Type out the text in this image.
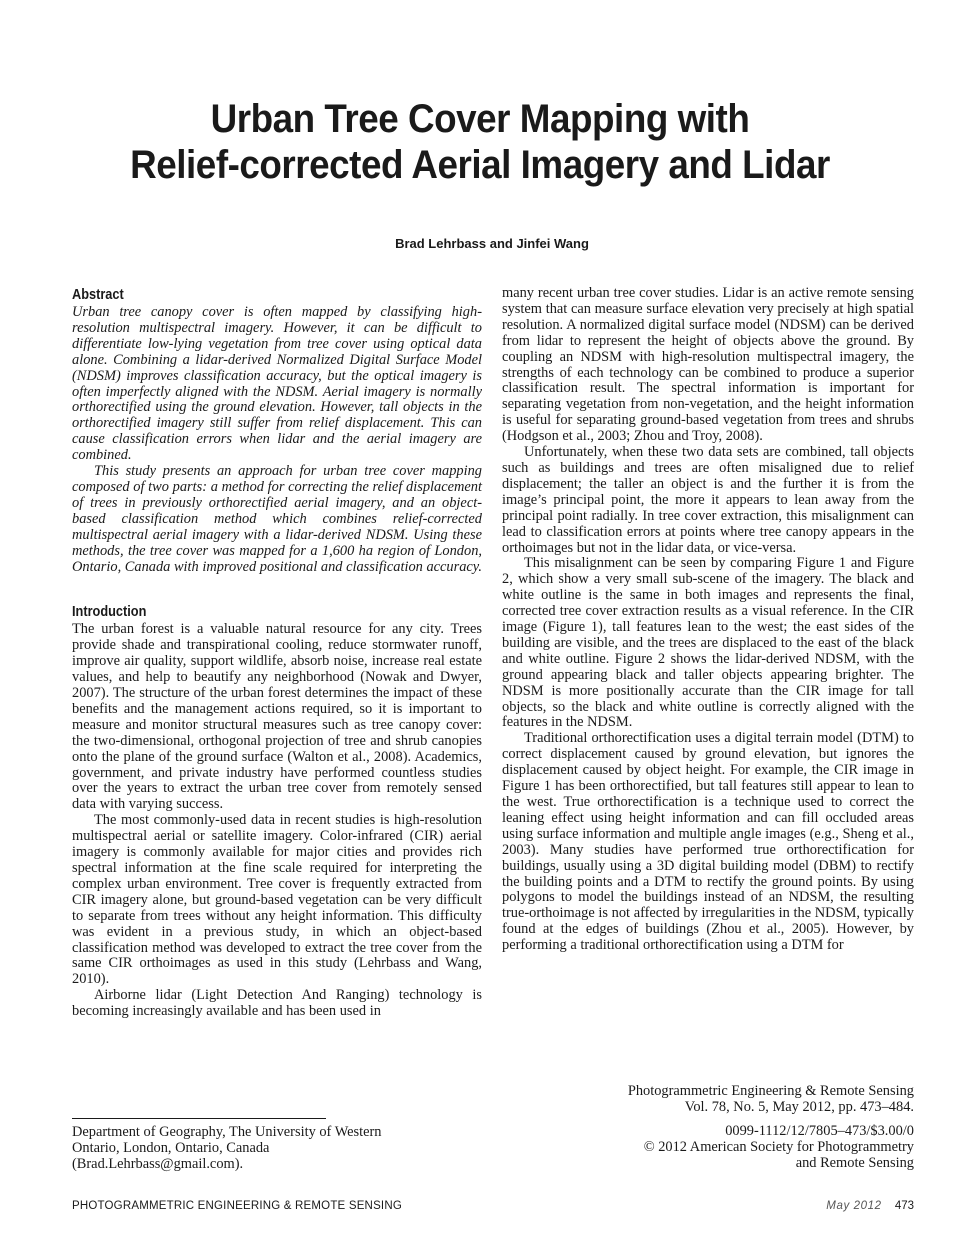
Urban Tree Cover Mapping with
Relief-corrected Aerial Imagery and Lidar
Brad Lehrbass and Jinfei Wang
Abstract

Urban tree canopy cover is often mapped by classifying high-resolution multispectral imagery. However, it can be difficult to differentiate low-lying vegetation from tree cover using optical data alone. Combining a lidar-derived Normalized Digital Surface Model (NDSM) improves classification accuracy, but the optical imagery is often imperfectly aligned with the NDSM. Aerial imagery is normally orthorectified using the ground elevation. However, tall objects in the orthorectified imagery still suffer from relief displacement. This can cause classification errors when lidar and the aerial imagery are combined.

This study presents an approach for urban tree cover mapping composed of two parts: a method for correcting the relief displacement of trees in previously orthorectified aerial imagery, and an object-based classification method which combines relief-corrected multispectral aerial imagery with a lidar-derived NDSM. Using these methods, the tree cover was mapped for a 1,600 ha region of London, Ontario, Canada with improved positional and classification accuracy.

Introduction

The urban forest is a valuable natural resource for any city. Trees provide shade and transpirational cooling, reduce stormwater runoff, improve air quality, support wildlife, absorb noise, increase real estate values, and help to beautify any neighborhood (Nowak and Dwyer, 2007). The structure of the urban forest determines the impact of these benefits and the management actions required, so it is important to measure and monitor structural measures such as tree canopy cover: the two-dimensional, orthogonal projection of tree and shrub canopies onto the plane of the ground surface (Walton et al., 2008). Academics, government, and private industry have performed countless studies over the years to extract the urban tree cover from remotely sensed data with varying success.

The most commonly-used data in recent studies is high-resolution multispectral aerial or satellite imagery. Color-infrared (CIR) aerial imagery is commonly available for major cities and provides rich spectral information at the fine scale required for interpreting the complex urban environment. Tree cover is frequently extracted from CIR imagery alone, but ground-based vegetation can be very difficult to separate from trees without any height information. This difficulty was evident in a previous study, in which an object-based classification method was developed to extract the tree cover from the same CIR orthoimages as used in this study (Lehrbass and Wang, 2010).

Airborne lidar (Light Detection And Ranging) technology is becoming increasingly available and has been used in

many recent urban tree cover studies. Lidar is an active remote sensing system that can measure surface elevation very precisely at high spatial resolution. A normalized digital surface model (NDSM) can be derived from lidar to represent the height of objects above the ground. By coupling an NDSM with high-resolution multispectral imagery, the strengths of each technology can be combined to produce a superior classification result. The spectral information is important for separating vegetation from non-vegetation, and the height information is useful for separating ground-based vegetation from trees and shrubs (Hodgson et al., 2003; Zhou and Troy, 2008).

Unfortunately, when these two data sets are combined, tall objects such as buildings and trees are often misaligned due to relief displacement; the taller an object is and the further it is from the image’s principal point, the more it appears to lean away from the principal point radially. In tree cover extraction, this misalignment can lead to classification errors at points where tree canopy appears in the orthoimages but not in the lidar data, or vice-versa.

This misalignment can be seen by comparing Figure 1 and Figure 2, which show a very small sub-scene of the imagery. The black and white outline is the same in both images and represents the final, corrected tree cover extraction results as a visual reference. In the CIR image (Figure 1), tall features lean to the west; the east sides of the building are visible, and the trees are displaced to the east of the black and white outline. Figure 2 shows the lidar-derived NDSM, with the ground appearing black and taller objects appearing brighter. The NDSM is more positionally accurate than the CIR image for tall objects, so the black and white outline is correctly aligned with the features in the NDSM.

Traditional orthorectification uses a digital terrain model (DTM) to correct displacement caused by ground elevation, but ignores the displacement caused by object height. For example, the CIR image in Figure 1 has been orthorectified, but tall features still appear to lean to the west. True orthorectification is a technique used to correct the leaning effect using height information and can fill occluded areas using surface information and multiple angle images (e.g., Sheng et al., 2003). Many studies have performed true orthorectification for buildings, usually using a 3D digital building model (DBM) to rectify the building points and a DTM to rectify the ground points. By using polygons to model the buildings instead of an NDSM, the resulting true-orthoimage is not affected by irregularities in the NDSM, typically found at the edges of buildings (Zhou et al., 2005). However, by performing a traditional orthorectification using a DTM for

Department of Geography, The University of Western
Ontario, London, Ontario, Canada
(Brad.Lehrbass@gmail.com).
Photogrammetric Engineering & Remote Sensing
Vol. 78, No. 5, May 2012, pp. 473–484.
0099-1112/12/7805–473/$3.00/0
© 2012 American Society for Photogrammetry
and Remote Sensing
PHOTOGRAMMETRIC ENGINEERING & REMOTE SENSING	May 2012 473
